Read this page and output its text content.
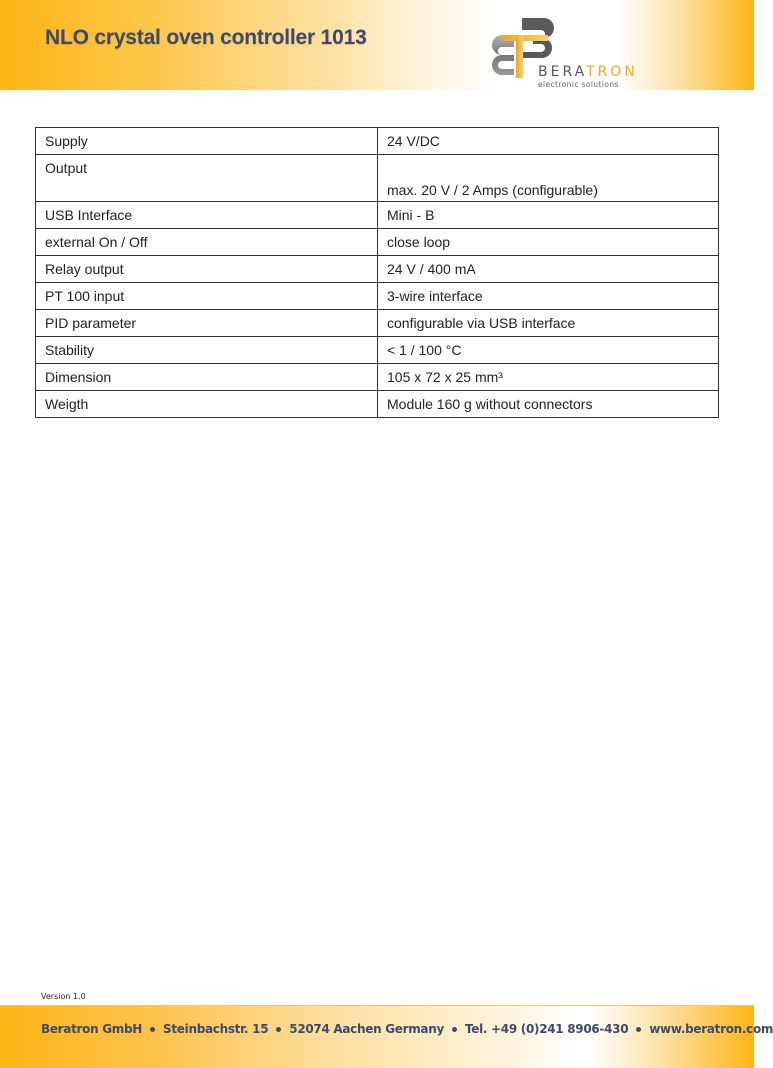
NLO crystal oven controller 1013
BERATRON
electronic solutions
Supply	24 V/DC
Output	max. 20 V / 2 Amps (configurable)
USB Interface	Mini - B
external On / Off	close loop
Relay output	24 V / 400 mA
PT 100 input	3-wire interface
PID parameter	configurable via USB interface
Stability	< 1 / 100 °C
Dimension	105 x 72 x 25 mm³
Weigth	Module 160 g without connectors
Version 1.0
Beratron GmbH Steinbachstr. 15 52074 Aachen Germany Tel. +49 (0)241 8906-430 www.beratron.com
